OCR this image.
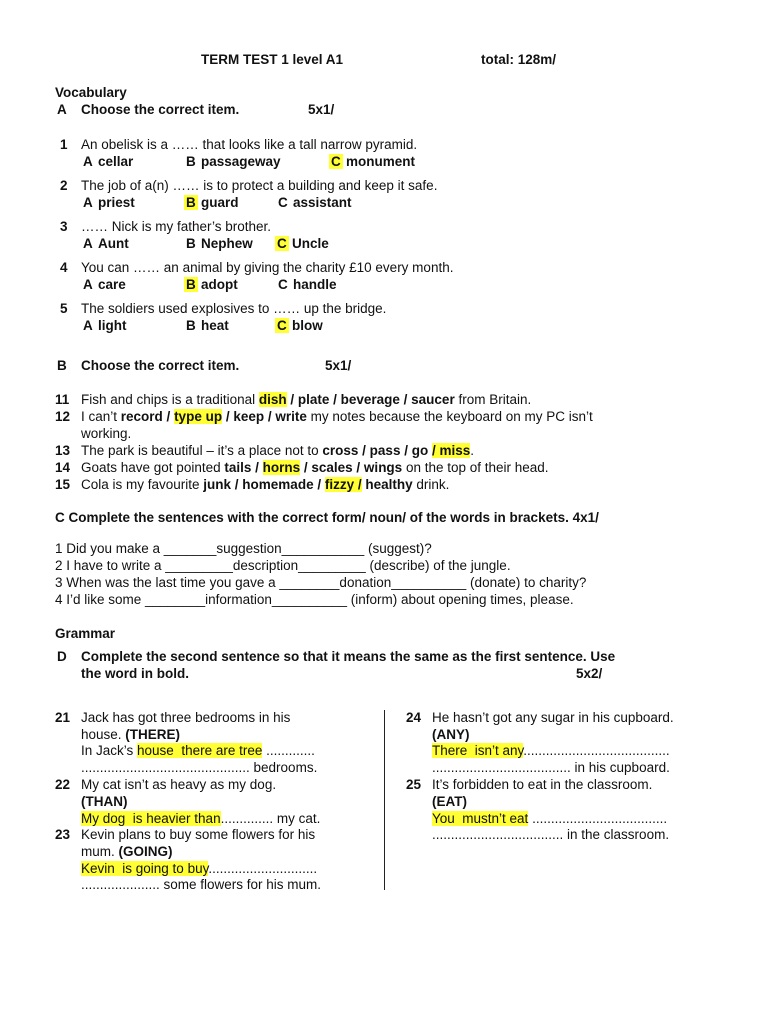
TERM TEST 1 level A1	total: 128m/
Vocabulary
A Choose the correct item.	5x1/
1 An obelisk is a …… that looks like a tall narrow pyramid.
A cellar	B passageway	C monument
2 The job of a(n) …… is to protect a building and keep it safe.
A priest	B guard	C assistant
3 …… Nick is my father’s brother.
A Aunt	B Nephew C Uncle
4 You can …… an animal by giving the charity £10 every month.
A care	B adopt	C handle
5 The soldiers used explosives to …… up the bridge.
A light	B heat	C blow
B Choose the correct item.	5x1/
11 Fish and chips is a traditional dish / plate / beverage / saucer from Britain.
12 I can’t record / type up / keep / write my notes because the keyboard on my PC isn’t
working.
13 The park is beautiful – it’s a place not to cross / pass / go / miss.
14 Goats have got pointed tails / horns / scales / wings on the top of their head.
15 Cola is my favourite junk / homemade / fizzy / healthy drink.
C Complete the sentences with the correct form/ noun/ of the words in brackets. 4x1/
1 Did you make a _______suggestion___________ (suggest)?
2 I have to write a _________description_________ (describe) of the jungle.
3 When was the last time you gave a ________donation__________ (donate) to charity?
4 I’d like some ________information__________ (inform) about opening times, please.
Grammar
D Complete the second sentence so that it means the same as the first sentence. Use
the word in bold.	5x2/
21 Jack has got three bedrooms in his
house. (THERE)
In Jack’s house  there are tree .............
............................................. bedrooms.
22 My cat isn’t as heavy as my dog.
(THAN)
My dog  is heavier than.............. my cat.
23 Kevin plans to buy some flowers for his
mum. (GOING)
Kevin  is going to buy.............................
..................... some flowers for his mum.
24 He hasn’t got any sugar in his cupboard.
(ANY)
There  isn’t any.......................................
..................................... in his cupboard.
25 It’s forbidden to eat in the classroom.
(EAT)
You  mustn’t eat ....................................
................................... in the classroom.
